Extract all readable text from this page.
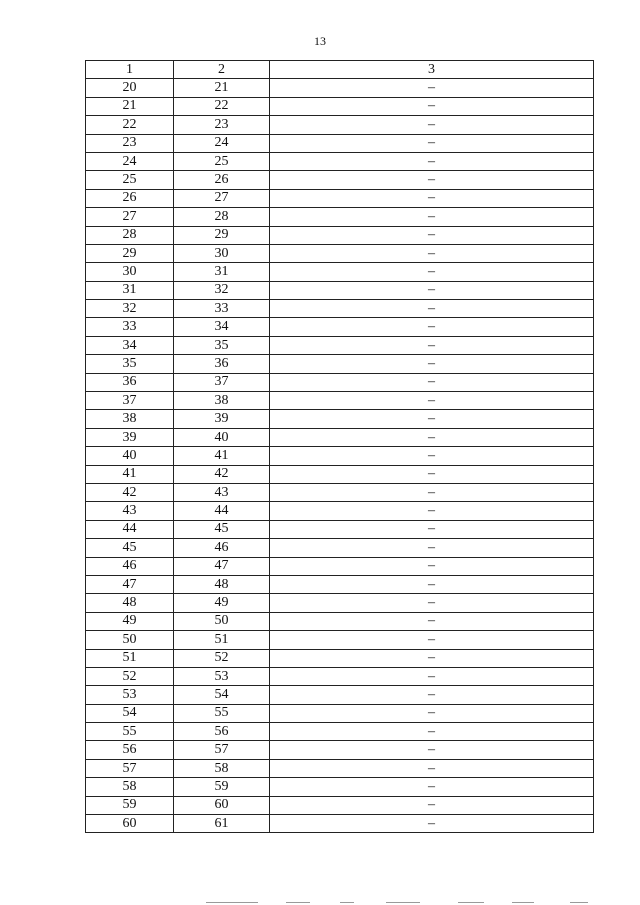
13
1	2	3
20	21	–
21	22	–
22	23	–
23	24	–
24	25	–
25	26	–
26	27	–
27	28	–
28	29	–
29	30	–
30	31	–
31	32	–
32	33	–
33	34	–
34	35	–
35	36	–
36	37	–
37	38	–
38	39	–
39	40	–
40	41	–
41	42	–
42	43	–
43	44	–
44	45	–
45	46	–
46	47	–
47	48	–
48	49	–
49	50	–
50	51	–
51	52	–
52	53	–
53	54	–
54	55	–
55	56	–
56	57	–
57	58	–
58	59	–
59	60	–
60	61	–
